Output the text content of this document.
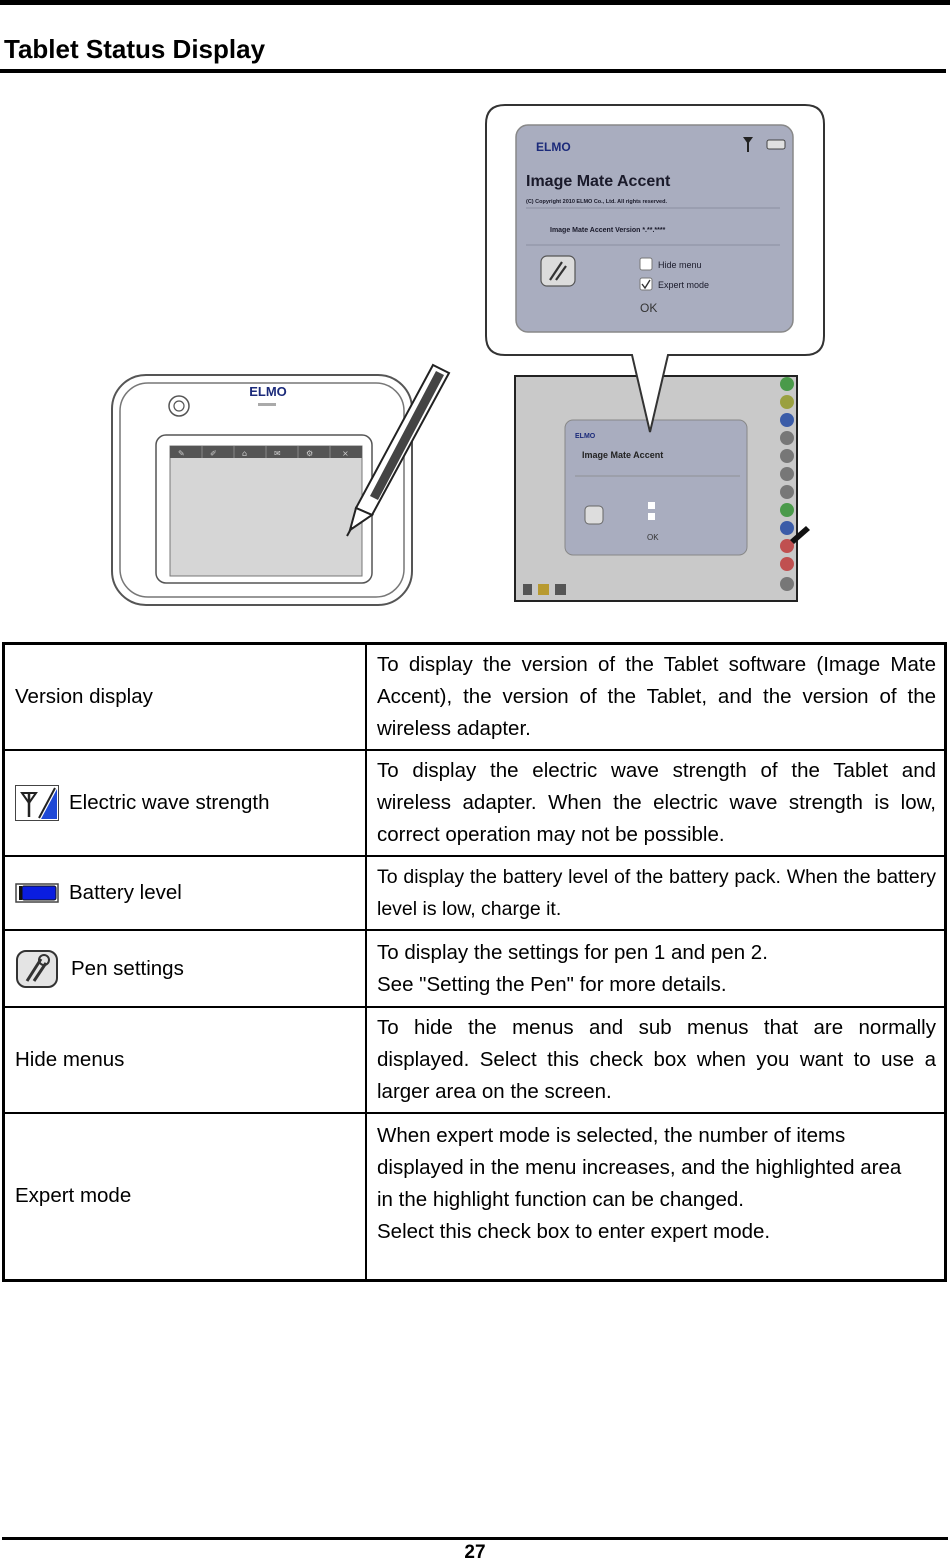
Tablet Status Display
ELMO
✎	✐	⌂	✉	⚙	×
ELMO
Image Mate Accent
OK
ELMO
Image Mate Accent
(C) Copyright 2010 ELMO Co., Ltd. All rights reserved.
Image Mate Accent Version *.**.****
Hide menu
Expert mode
OK
Version display	To display the version of the Tablet software (Image Mate Accent), the version of the Tablet, and the version of the wireless adapter.

Electric wave strength	To display the electric wave strength of the Tablet and wireless adapter. When the electric wave strength is low, correct operation may not be possible.

Battery level	To display the battery level of the battery pack. When the battery level is low, charge it.

Pen settings	To display the settings for pen 1 and pen 2.
See "Setting the Pen" for more details.
Hide menus	To hide the menus and sub menus that are normally displayed. Select this check box when you want to use a larger area on the screen.
Expert mode	When expert mode is selected, the number of items displayed in the menu increases, and the highlighted area in the highlight function can be changed.
Select this check box to enter expert mode.
27
